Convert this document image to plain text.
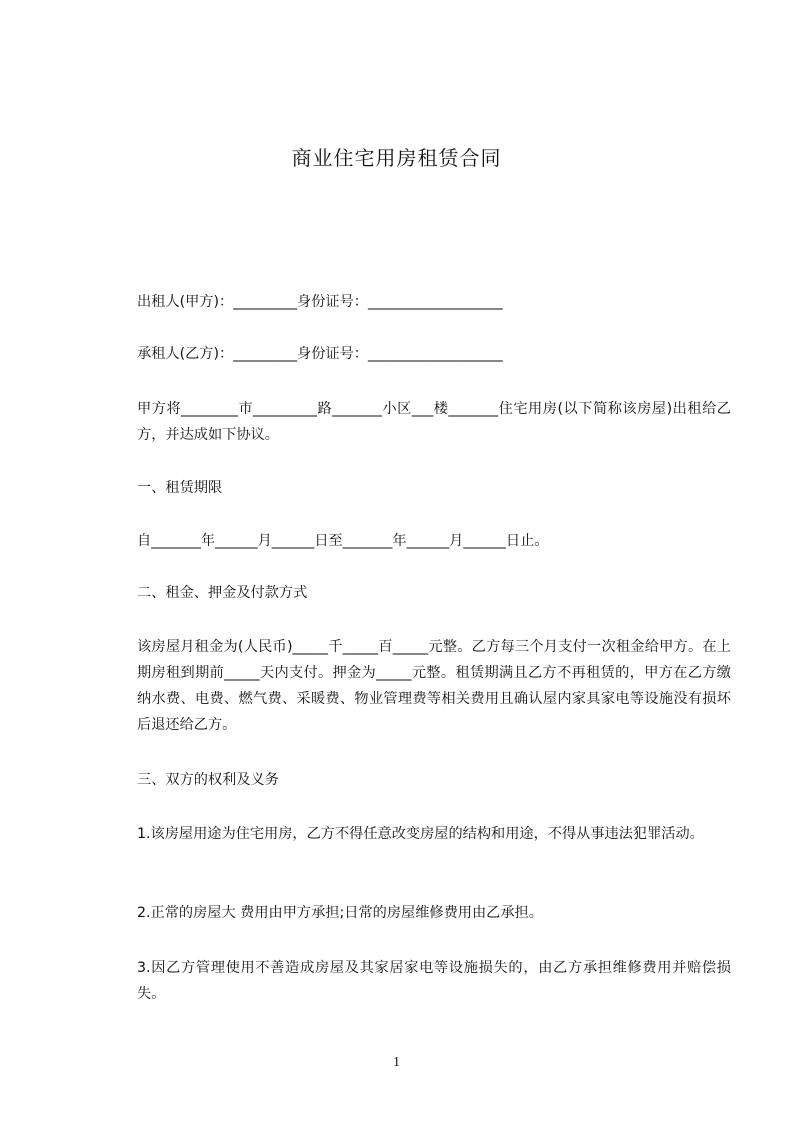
商业住宅用房租赁合同
出租人(甲方)：_________身份证号：___________________
承租人(乙方)：_________身份证号：___________________
甲方将________市_________路_______小区___楼_______住宅用房(以下简称该房屋)出租给乙方，并达成如下协议。
一、租赁期限
自_______年______月______日至_______年______月______日止。
二、租金、押金及付款方式
该房屋月租金为(人民币)_____千_____百_____元整。乙方每三个月支付一次租金给甲方。在上期房租到期前_____天内支付。押金为_____元整。租赁期满且乙方不再租赁的，甲方在乙方缴纳水费、电费、燃气费、采暖费、物业管理费等相关费用且确认屋内家具家电等设施没有损坏后退还给乙方。
三、双方的权利及义务
1.该房屋用途为住宅用房，乙方不得任意改变房屋的结构和用途，不得从事违法犯罪活动。
2.正常的房屋大 费用由甲方承担;日常的房屋维修费用由乙承担。
3.因乙方管理使用不善造成房屋及其家居家电等设施损失的，由乙方承担维修费用并赔偿损失。
1
